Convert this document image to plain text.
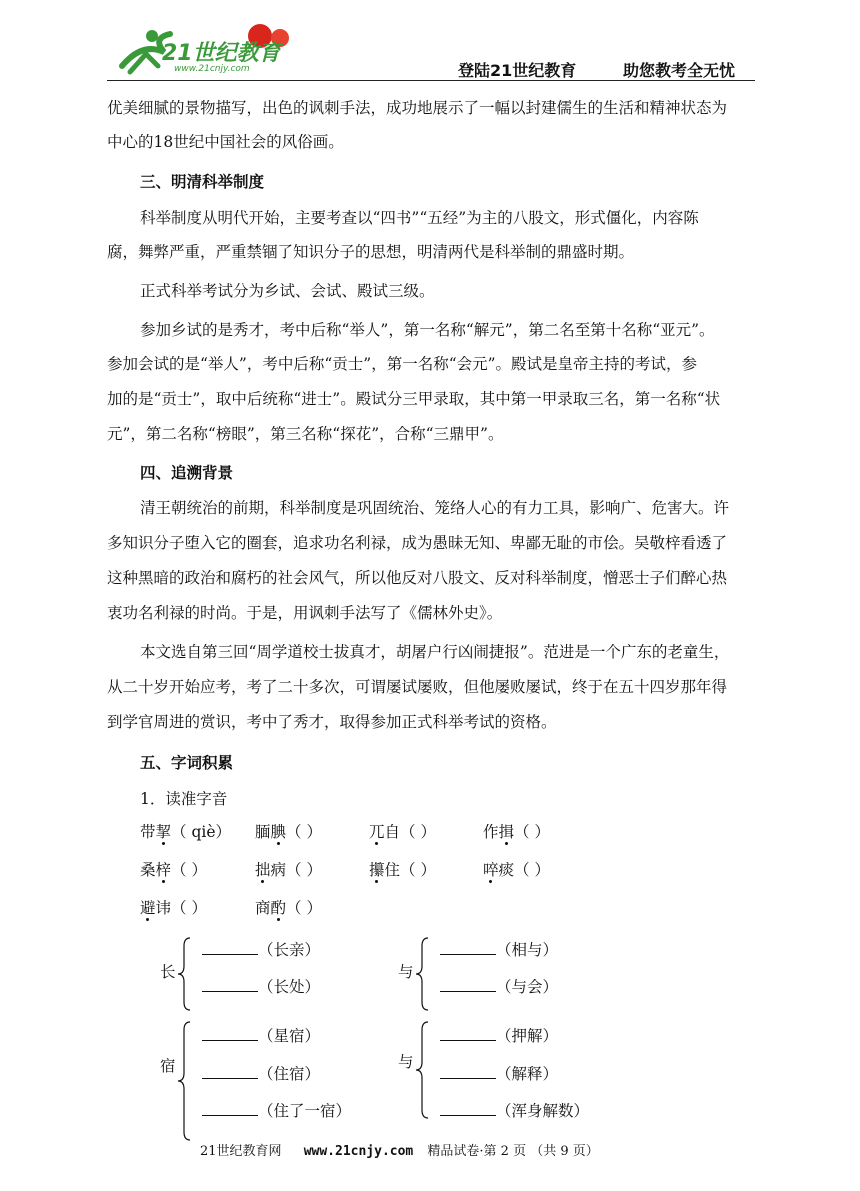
21世纪教育
www.21cnjy.com	登陆21世纪教育	助您教考全无忧
优美细腻的景物描写，出色的讽刺手法，成功地展示了一幅以封建儒生的生活和精神状态为
中心的18世纪中国社会的风俗画。
三、明清科举制度
科举制度从明代开始，主要考查以“四书”“五经”为主的八股文，形式僵化，内容陈
腐，舞弊严重，严重禁锢了知识分子的思想，明清两代是科举制的鼎盛时期。
正式科举考试分为乡试、会试、殿试三级。
参加乡试的是秀才，考中后称“举人”，第一名称“解元”，第二名至第十名称“亚元”。
参加会试的是“举人”，考中后称“贡士”，第一名称“会元”。殿试是皇帝主持的考试，参
加的是“贡士”，取中后统称“进士”。殿试分三甲录取，其中第一甲录取三名，第一名称“状
元”，第二名称“榜眼”，第三名称“探花”，合称“三鼎甲”。
四、追溯背景
清王朝统治的前期，科举制度是巩固统治、笼络人心的有力工具，影响广、危害大。许
多知识分子堕入它的圈套，追求功名利禄，成为愚昧无知、卑鄙无耻的市侩。吴敬梓看透了
这种黑暗的政治和腐朽的社会风气，所以他反对八股文、反对科举制度，憎恶士子们醉心热
衷功名利禄的时尚。于是，用讽刺手法写了《儒林外史》。
本文选自第三回“周学道校士拔真才，胡屠户行凶闹捷报”。范进是一个广东的老童生，
从二十岁开始应考，考了二十多次，可谓屡试屡败，但他屡败屡试，终于在五十四岁那年得
到学官周进的赏识，考中了秀才，取得参加正式科举考试的资格。
五、字词积累
1．读准字音
带挈（ qiè） 腼腆（ ）	兀自（ ）	作揖（ ）
桑梓（ ）	拙病（ ）	攥住（ ）	啐痰（ ）
避讳（ ）	商酌（ ）
长
（长亲）
（长处）
与
（相与）
（与会）
宿
（星宿）
（住宿）
（住了一宿）
与
（押解）
（解释）
（浑身解数）
21世纪教育网 www.21cnjy.com 精品试卷·第 2 页 （共 9 页）
